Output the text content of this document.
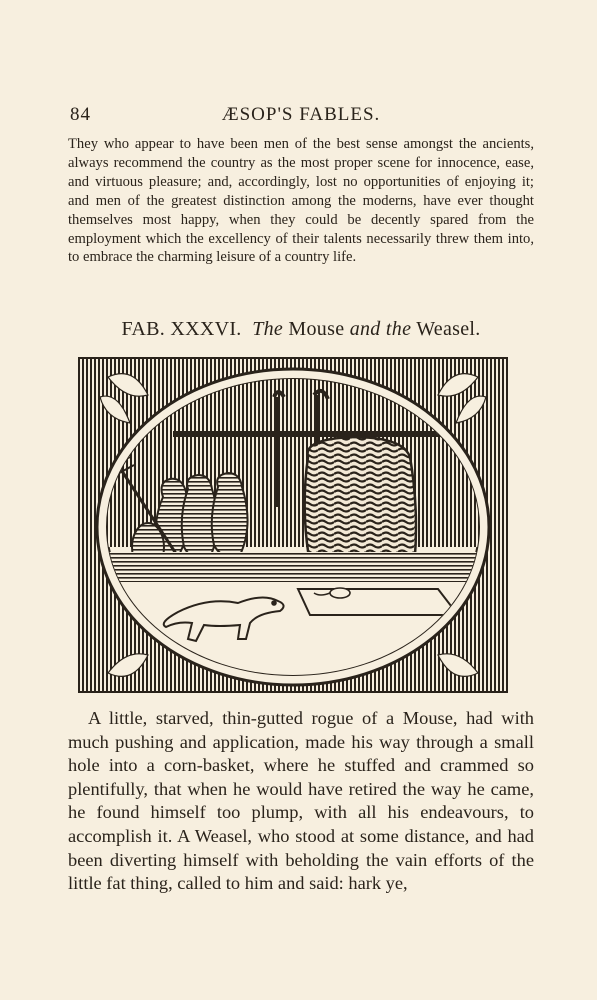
84	ÆSOP'S FABLES.

They who appear to have been men of the best sense amongst the ancients, always recommend the country as the most proper scene for innocence, ease, and virtuous pleasure; and, accordingly, lost no opportunities of enjoying it; and men of the greatest distinction among the moderns, have ever thought themselves most happy, when they could be decently spared from the employment which the excellency of their talents necessarily threw them into, to embrace the charming leisure of a country life.

FAB. XXXVI. The Mouse and the Weasel.

A little, starved, thin-gutted rogue of a Mouse, had with much pushing and application, made his way through a small hole into a corn-basket, where he stuffed and crammed so plentifully, that when he would have retired the way he came, he found himself too plump, with all his endeavours, to accomplish it. A Weasel, who stood at some distance, and had been diverting himself with beholding the vain efforts of the little fat thing, called to him and said: hark ye,
